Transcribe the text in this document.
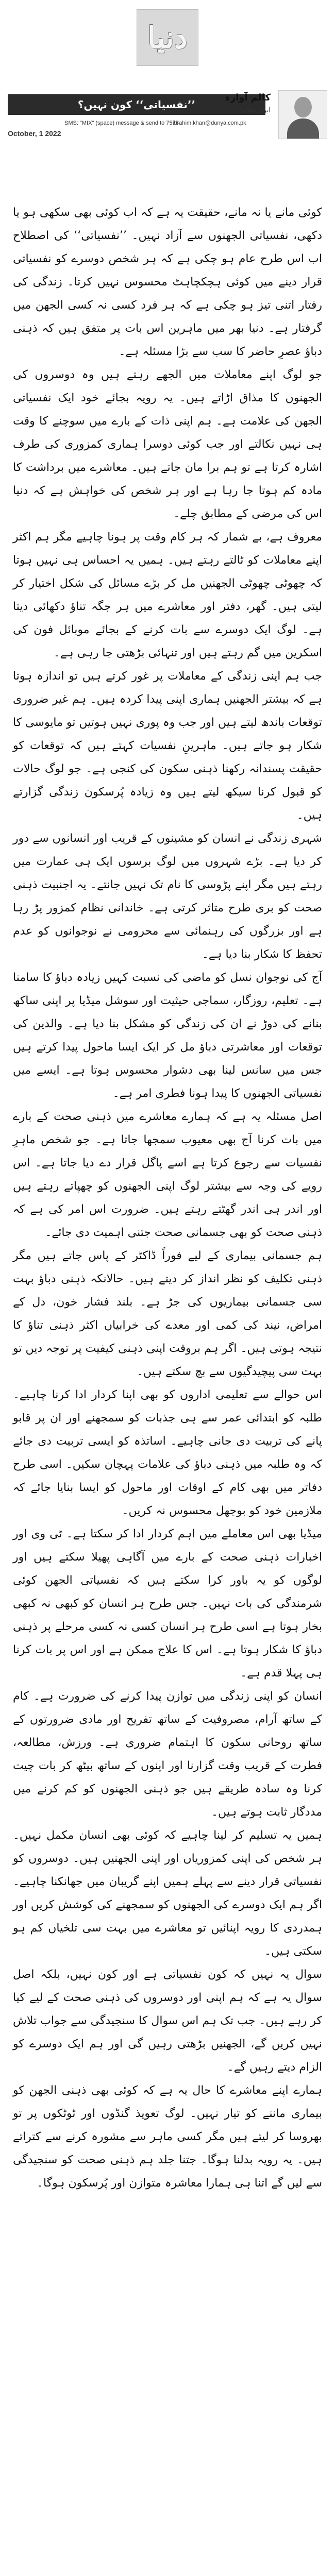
دنیا
’’نفسیاتی‘‘ کون نہیں؟
کالم آوارہ
ابرار خٹک
SMS: "MIX" (space) message & send to 7575
ibrahim.khan@dunya.com.pk
October, 1 2022

کوئی مانے یا نہ مانے، حقیقت یہ ہے کہ اب کوئی بھی سکھی ہو یا دکھی، نفسیاتی الجھنوں سے آزاد نہیں۔ ’’نفسیاتی‘‘ کی اصطلاح اب اس طرح عام ہو چکی ہے کہ ہر شخص دوسرے کو نفسیاتی قرار دینے میں کوئی ہچکچاہٹ محسوس نہیں کرتا۔ زندگی کی رفتار اتنی تیز ہو چکی ہے کہ ہر فرد کسی نہ کسی الجھن میں گرفتار ہے۔ دنیا بھر میں ماہرین اس بات پر متفق ہیں کہ ذہنی دباؤ عصرِ حاضر کا سب سے بڑا مسئلہ ہے۔

جو لوگ اپنے معاملات میں الجھے رہتے ہیں وہ دوسروں کی الجھنوں کا مذاق اڑاتے ہیں۔ یہ رویہ بجائے خود ایک نفسیاتی الجھن کی علامت ہے۔ ہم اپنی ذات کے بارے میں سوچنے کا وقت ہی نہیں نکالتے اور جب کوئی دوسرا ہماری کمزوری کی طرف اشارہ کرتا ہے تو ہم برا مان جاتے ہیں۔ معاشرے میں برداشت کا مادہ کم ہوتا جا رہا ہے اور ہر شخص کی خواہش ہے کہ دنیا اس کی مرضی کے مطابق چلے۔

معروف ہے، بے شمار کہ ہر کام وقت پر ہونا چاہیے مگر ہم اکثر اپنے معاملات کو ٹالتے رہتے ہیں۔ ہمیں یہ احساس ہی نہیں ہوتا کہ چھوٹی چھوٹی الجھنیں مل کر بڑے مسائل کی شکل اختیار کر لیتی ہیں۔ گھر، دفتر اور معاشرے میں ہر جگہ تناؤ دکھائی دیتا ہے۔ لوگ ایک دوسرے سے بات کرنے کے بجائے موبائل فون کی اسکرین میں گم رہتے ہیں اور تنہائی بڑھتی جا رہی ہے۔

جب ہم اپنی زندگی کے معاملات پر غور کرتے ہیں تو اندازہ ہوتا ہے کہ بیشتر الجھنیں ہماری اپنی پیدا کردہ ہیں۔ ہم غیر ضروری توقعات باندھ لیتے ہیں اور جب وہ پوری نہیں ہوتیں تو مایوسی کا شکار ہو جاتے ہیں۔ ماہرینِ نفسیات کہتے ہیں کہ توقعات کو حقیقت پسندانہ رکھنا ذہنی سکون کی کنجی ہے۔ جو لوگ حالات کو قبول کرنا سیکھ لیتے ہیں وہ زیادہ پُرسکون زندگی گزارتے ہیں۔

شہری زندگی نے انسان کو مشینوں کے قریب اور انسانوں سے دور کر دیا ہے۔ بڑے شہروں میں لوگ برسوں ایک ہی عمارت میں رہتے ہیں مگر اپنے پڑوسی کا نام تک نہیں جانتے۔ یہ اجنبیت ذہنی صحت کو بری طرح متاثر کرتی ہے۔ خاندانی نظام کمزور پڑ رہا ہے اور بزرگوں کی رہنمائی سے محرومی نے نوجوانوں کو عدم تحفظ کا شکار بنا دیا ہے۔

آج کی نوجوان نسل کو ماضی کی نسبت کہیں زیادہ دباؤ کا سامنا ہے۔ تعلیم، روزگار، سماجی حیثیت اور سوشل میڈیا پر اپنی ساکھ بنانے کی دوڑ نے ان کی زندگی کو مشکل بنا دیا ہے۔ والدین کی توقعات اور معاشرتی دباؤ مل کر ایک ایسا ماحول پیدا کرتے ہیں جس میں سانس لینا بھی دشوار محسوس ہوتا ہے۔ ایسے میں نفسیاتی الجھنوں کا پیدا ہونا فطری امر ہے۔

اصل مسئلہ یہ ہے کہ ہمارے معاشرے میں ذہنی صحت کے بارے میں بات کرنا آج بھی معیوب سمجھا جاتا ہے۔ جو شخص ماہرِ نفسیات سے رجوع کرتا ہے اسے پاگل قرار دے دیا جاتا ہے۔ اس رویے کی وجہ سے بیشتر لوگ اپنی الجھنوں کو چھپاتے رہتے ہیں اور اندر ہی اندر گھٹتے رہتے ہیں۔ ضرورت اس امر کی ہے کہ ذہنی صحت کو بھی جسمانی صحت جتنی اہمیت دی جائے۔

ہم جسمانی بیماری کے لیے فوراً ڈاکٹر کے پاس جاتے ہیں مگر ذہنی تکلیف کو نظر انداز کر دیتے ہیں۔ حالانکہ ذہنی دباؤ بہت سی جسمانی بیماریوں کی جڑ ہے۔ بلند فشار خون، دل کے امراض، نیند کی کمی اور معدے کی خرابیاں اکثر ذہنی تناؤ کا نتیجہ ہوتی ہیں۔ اگر ہم بروقت اپنی ذہنی کیفیت پر توجہ دیں تو بہت سی پیچیدگیوں سے بچ سکتے ہیں۔

اس حوالے سے تعلیمی اداروں کو بھی اپنا کردار ادا کرنا چاہیے۔ طلبہ کو ابتدائی عمر سے ہی جذبات کو سمجھنے اور ان پر قابو پانے کی تربیت دی جانی چاہیے۔ اساتذہ کو ایسی تربیت دی جائے کہ وہ طلبہ میں ذہنی دباؤ کی علامات پہچان سکیں۔ اسی طرح دفاتر میں بھی کام کے اوقات اور ماحول کو ایسا بنایا جائے کہ ملازمین خود کو بوجھل محسوس نہ کریں۔

میڈیا بھی اس معاملے میں اہم کردار ادا کر سکتا ہے۔ ٹی وی اور اخبارات ذہنی صحت کے بارے میں آگاہی پھیلا سکتے ہیں اور لوگوں کو یہ باور کرا سکتے ہیں کہ نفسیاتی الجھن کوئی شرمندگی کی بات نہیں۔ جس طرح ہر انسان کو کبھی نہ کبھی بخار ہوتا ہے اسی طرح ہر انسان کسی نہ کسی مرحلے پر ذہنی دباؤ کا شکار ہوتا ہے۔ اس کا علاج ممکن ہے اور اس پر بات کرنا ہی پہلا قدم ہے۔

انسان کو اپنی زندگی میں توازن پیدا کرنے کی ضرورت ہے۔ کام کے ساتھ آرام، مصروفیت کے ساتھ تفریح اور مادی ضرورتوں کے ساتھ روحانی سکون کا اہتمام ضروری ہے۔ ورزش، مطالعہ، فطرت کے قریب وقت گزارنا اور اپنوں کے ساتھ بیٹھ کر بات چیت کرنا وہ سادہ طریقے ہیں جو ذہنی الجھنوں کو کم کرنے میں مددگار ثابت ہوتے ہیں۔

ہمیں یہ تسلیم کر لینا چاہیے کہ کوئی بھی انسان مکمل نہیں۔ ہر شخص کی اپنی کمزوریاں اور اپنی الجھنیں ہیں۔ دوسروں کو نفسیاتی قرار دینے سے پہلے ہمیں اپنے گریبان میں جھانکنا چاہیے۔ اگر ہم ایک دوسرے کی الجھنوں کو سمجھنے کی کوشش کریں اور ہمدردی کا رویہ اپنائیں تو معاشرے میں بہت سی تلخیاں کم ہو سکتی ہیں۔

سوال یہ نہیں کہ کون نفسیاتی ہے اور کون نہیں، بلکہ اصل سوال یہ ہے کہ ہم اپنی اور دوسروں کی ذہنی صحت کے لیے کیا کر رہے ہیں۔ جب تک ہم اس سوال کا سنجیدگی سے جواب تلاش نہیں کریں گے، الجھنیں بڑھتی رہیں گی اور ہم ایک دوسرے کو الزام دیتے رہیں گے۔

ہمارے اپنے معاشرے کا حال یہ ہے کہ کوئی بھی ذہنی الجھن کو بیماری ماننے کو تیار نہیں۔ لوگ تعویذ گنڈوں اور ٹوٹکوں پر تو بھروسا کر لیتے ہیں مگر کسی ماہر سے مشورہ کرنے سے کتراتے ہیں۔ یہ رویہ بدلنا ہوگا۔ جتنا جلد ہم ذہنی صحت کو سنجیدگی سے لیں گے اتنا ہی ہمارا معاشرہ متوازن اور پُرسکون ہوگا۔
